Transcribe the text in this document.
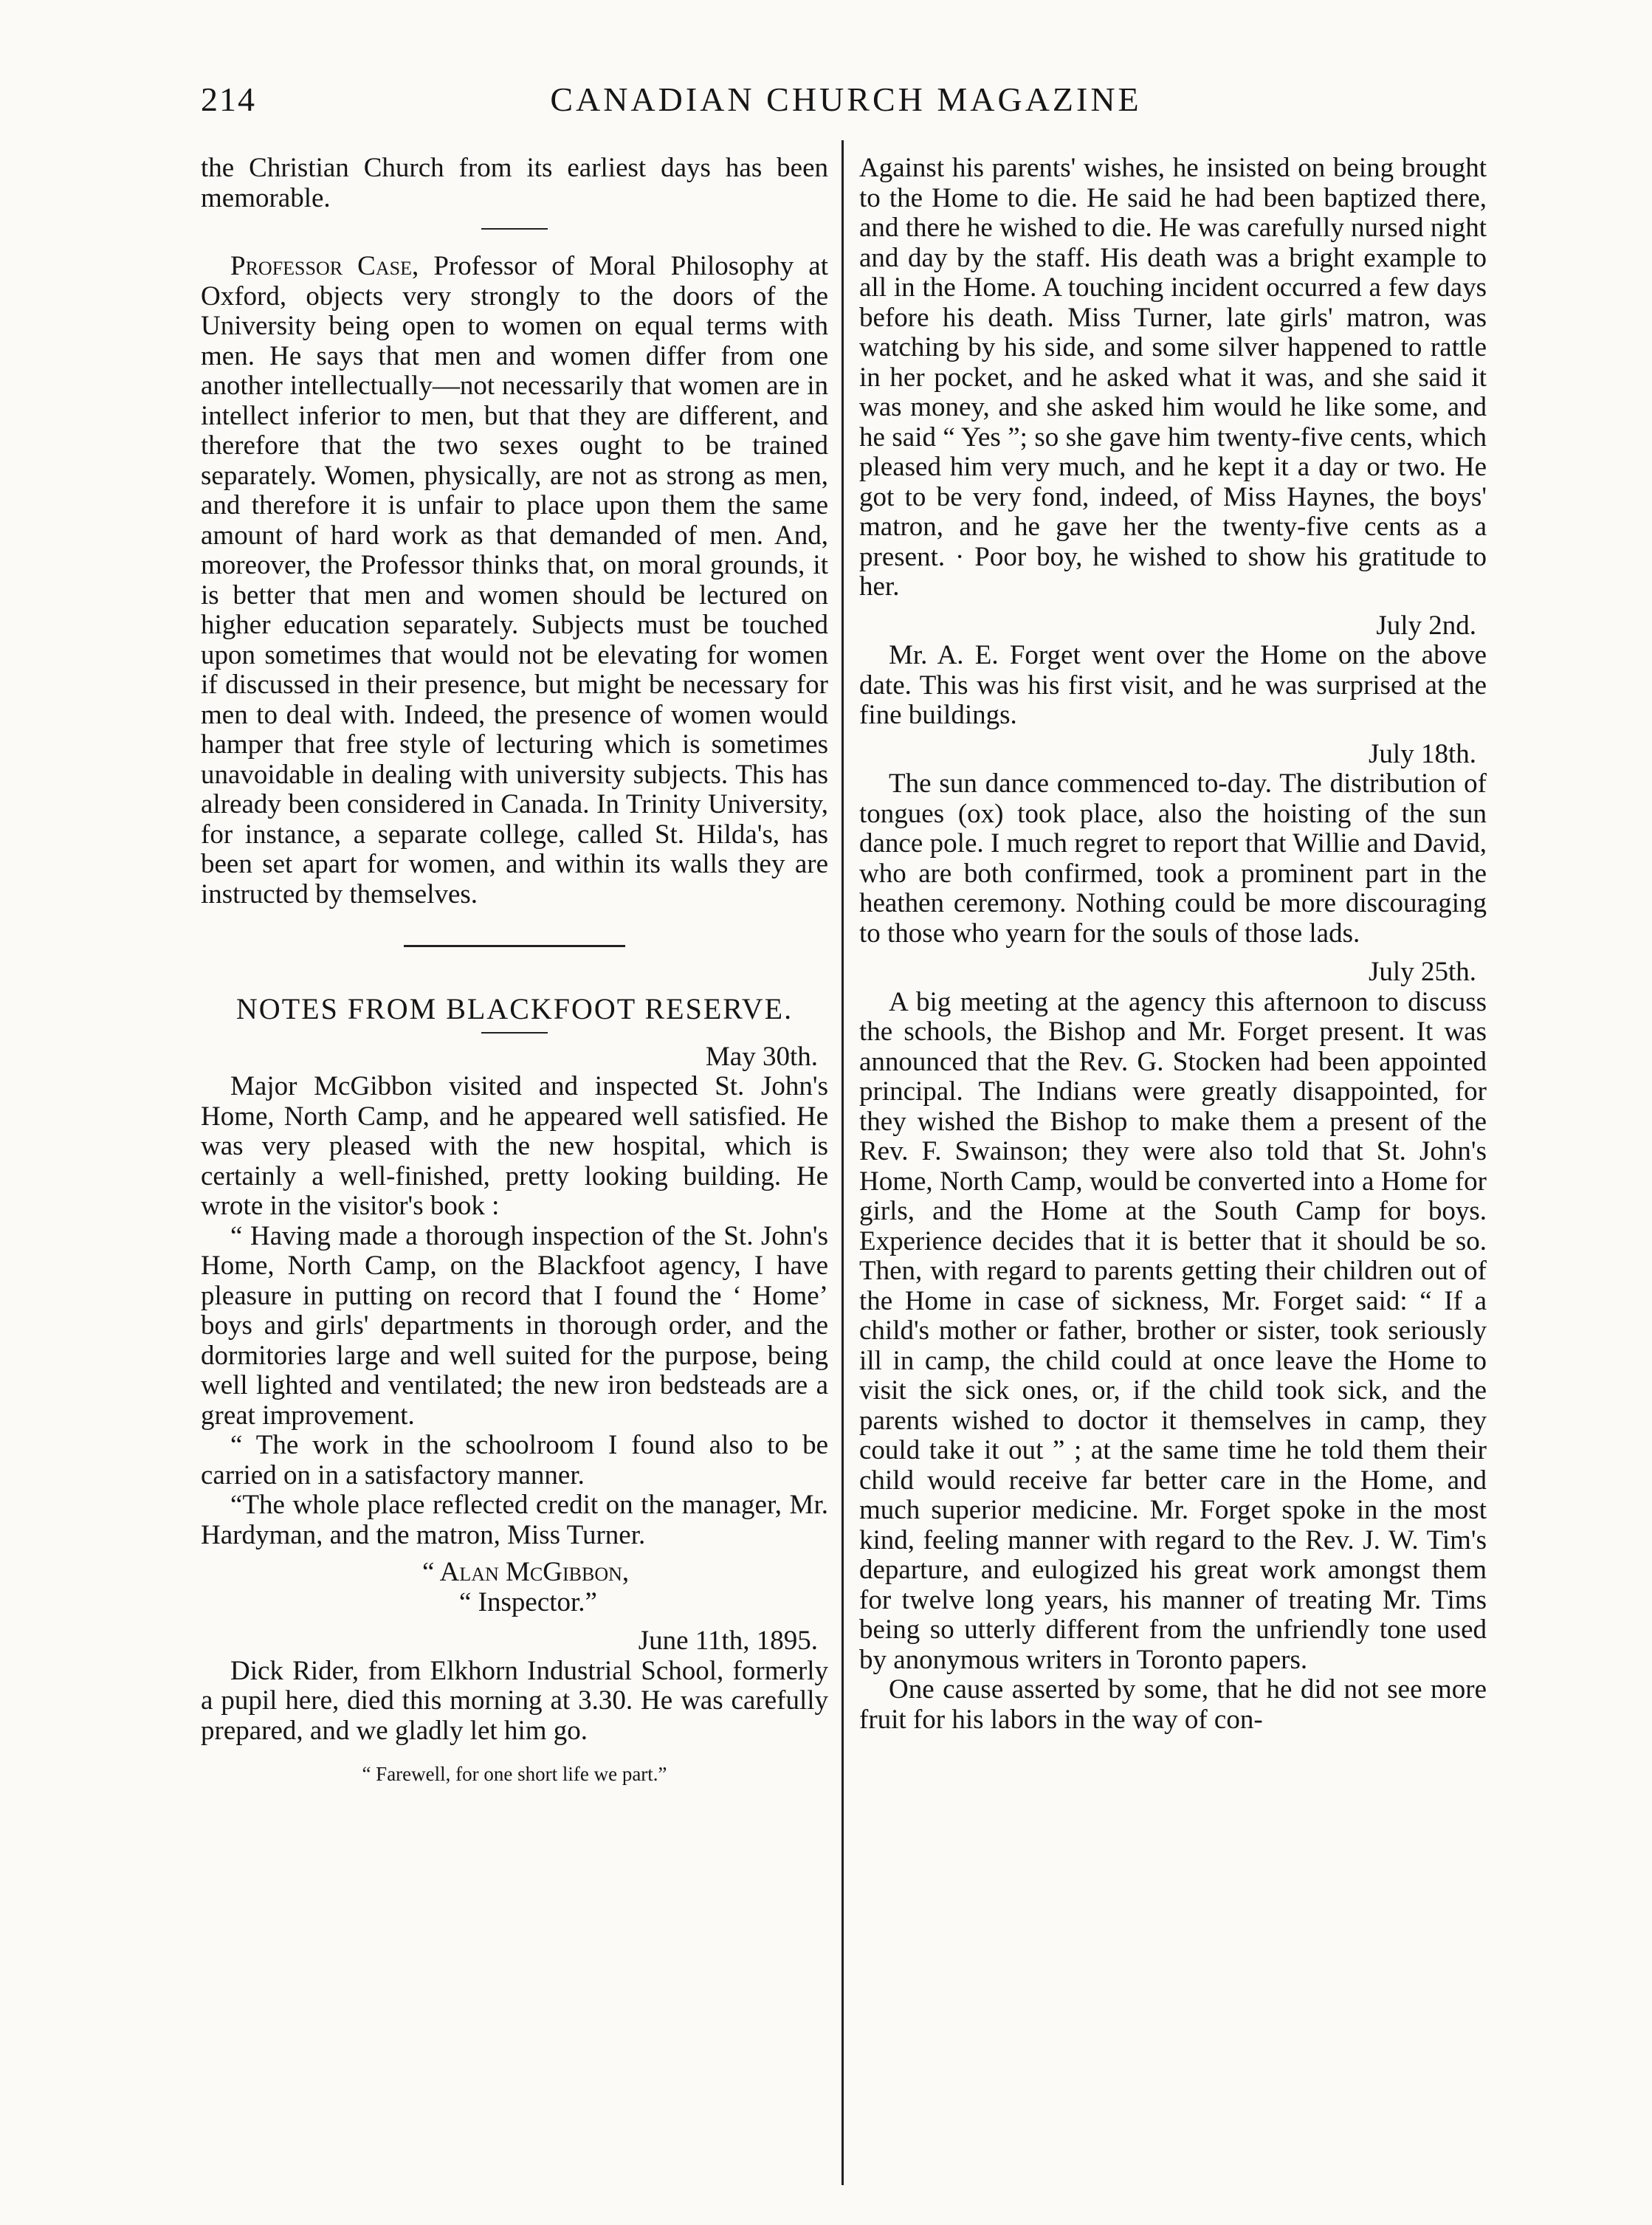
214	CANADIAN CHURCH MAGAZINE

the Christian Church from its earliest days has been memorable.

Professor Case, Professor of Moral Philosophy at Oxford, objects very strongly to the doors of the University being open to women on equal terms with men. He says that men and women differ from one another intellectually—not necessarily that women are in intellect inferior to men, but that they are different, and therefore that the two sexes ought to be trained separately. Women, physically, are not as strong as men, and therefore it is unfair to place upon them the same amount of hard work as that demanded of men. And, moreover, the Professor thinks that, on moral grounds, it is better that men and women should be lectured on higher education separately. Subjects must be touched upon sometimes that would not be elevating for women if discussed in their presence, but might be necessary for men to deal with. Indeed, the presence of women would hamper that free style of lecturing which is sometimes unavoidable in dealing with university subjects. This has already been considered in Canada. In Trinity University, for instance, a separate college, called St. Hilda's, has been set apart for women, and within its walls they are instructed by themselves.

NOTES FROM BLACKFOOT RESERVE.
May 30th.

Major McGibbon visited and inspected St. John's Home, North Camp, and he appeared well satisfied. He was very pleased with the new hospital, which is certainly a well-finished, pretty looking building. He wrote in the visitor's book :

“ Having made a thorough inspection of the St. John's Home, North Camp, on the Blackfoot agency, I have pleasure in putting on record that I found the ‘ Home’ boys and girls' departments in thorough order, and the dormitories large and well suited for the purpose, being well lighted and ventilated; the new iron bedsteads are a great improvement.

“ The work in the schoolroom I found also to be carried on in a satisfactory manner.

“The whole place reflected credit on the manager, Mr. Hardyman, and the matron, Miss Turner.

“ Alan McGibbon,
“ Inspector.”
June 11th, 1895.

Dick Rider, from Elkhorn Industrial School, formerly a pupil here, died this morning at 3.30. He was carefully prepared, and we gladly let him go.

“ Farewell, for one short life we part.”

Against his parents' wishes, he insisted on being brought to the Home to die. He said he had been baptized there, and there he wished to die. He was carefully nursed night and day by the staff. His death was a bright example to all in the Home. A touching incident occurred a few days before his death. Miss Turner, late girls' matron, was watching by his side, and some silver happened to rattle in her pocket, and he asked what it was, and she said it was money, and she asked him would he like some, and he said “ Yes ”; so she gave him twenty-five cents, which pleased him very much, and he kept it a day or two. He got to be very fond, indeed, of Miss Haynes, the boys' matron, and he gave her the twenty-five cents as a present. · Poor boy, he wished to show his gratitude to her.

July 2nd.

Mr. A. E. Forget went over the Home on the above date. This was his first visit, and he was surprised at the fine buildings.

July 18th.

The sun dance commenced to-day. The distribution of tongues (ox) took place, also the hoisting of the sun dance pole. I much regret to report that Willie and David, who are both confirmed, took a prominent part in the heathen ceremony. Nothing could be more discouraging to those who yearn for the souls of those lads.

July 25th.

A big meeting at the agency this afternoon to discuss the schools, the Bishop and Mr. Forget present. It was announced that the Rev. G. Stocken had been appointed principal. The Indians were greatly disappointed, for they wished the Bishop to make them a present of the Rev. F. Swainson; they were also told that St. John's Home, North Camp, would be converted into a Home for girls, and the Home at the South Camp for boys. Experience decides that it is better that it should be so. Then, with regard to parents getting their children out of the Home in case of sickness, Mr. Forget said: “ If a child's mother or father, brother or sister, took seriously ill in camp, the child could at once leave the Home to visit the sick ones, or, if the child took sick, and the parents wished to doctor it themselves in camp, they could take it out ” ; at the same time he told them their child would receive far better care in the Home, and much superior medicine. Mr. Forget spoke in the most kind, feeling manner with regard to the Rev. J. W. Tim's departure, and eulogized his great work amongst them for twelve long years, his manner of treating Mr. Tims being so utterly different from the unfriendly tone used by anonymous writers in Toronto papers.

One cause asserted by some, that he did not see more fruit for his labors in the way of con-
